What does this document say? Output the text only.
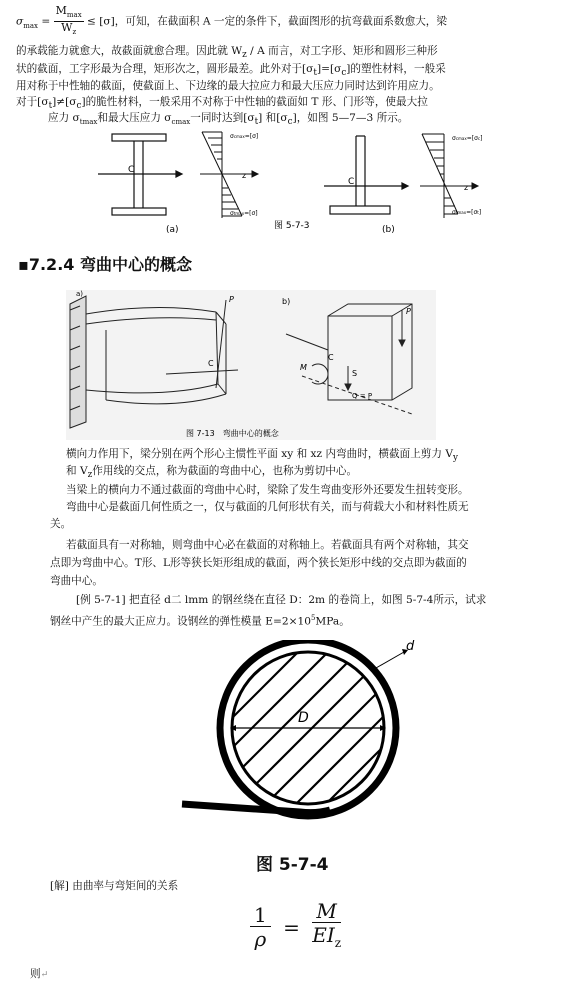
$\sigma_{max} = \frac{M_{max}}{W_z} \le [\sigma]$，可知，在截面积 A 一定的条件下，截面图形的抗弯截面系数愈大，梁
的承载能力就愈大，故截面就愈合理。因此就 $W_z$ / A 而言，对工字形、矩形和圆形三种形
状的截面，工字形最为合理，矩形次之，圆形最差。此外对于$[\sigma_t]=[\sigma_c]$的塑性材料，一般采
用对称于中性轴的截面，使截面上、下边缘的最大拉应力和最大压应力同时达到许用应力。
对于$[\sigma_t]\ne[\sigma_c]$的脆性材料，一般采用不对称于中性轴的截面如 T 形、门形等，使最大拉
应力 $\sigma_{tmax}$和最大压应力 $\sigma_{cmax}$一同时达到$[\sigma_t]$ 和$[\sigma_c]$，如图 5—7—3 所示。
C
z
σcmax=[σ]
σtmax=[σ]
C
z
σcmax=[σc]
σtmax=[σt]
(a)	图 5-7-3	(b)
▪7.2.4 弯曲中心的概念
a)
P
C
b)
P
C
M
S
Q = P
图 7-13　弯曲中心的概念
横向力作用下，梁分别在两个形心主惯性平面 xy 和 xz 内弯曲时，横截面上剪力 $V_y$
和 $V_z$作用线的交点，称为截面的弯曲中心，也称为剪切中心。
当梁上的横向力不通过截面的弯曲中心时，梁除了发生弯曲变形外还要发生扭转变形。
弯曲中心是截面几何性质之一，仅与截面的几何形状有关，而与荷载大小和材料性质无
关。
若截面具有一对称轴，则弯曲中心必在截面的对称轴上。若截面具有两个对称轴，其交
点即为弯曲中心。T形、L形等狭长矩形组成的截面，两个狭长矩形中线的交点即为截面的
弯曲中心。
[例 5-7-1] 把直径 d二 lmm 的钢丝绕在直径 D：2m 的卷筒上，如图 5-7-4所示，试求
钢丝中产生的最大正应力。设钢丝的弹性模量 $E=2\times 10^5MPa$。
D
d
图 5-7-4
[解] 由曲率与弯矩间的关系
$\frac{1}{\rho} = \frac{M}{EI_z}$
则↵
